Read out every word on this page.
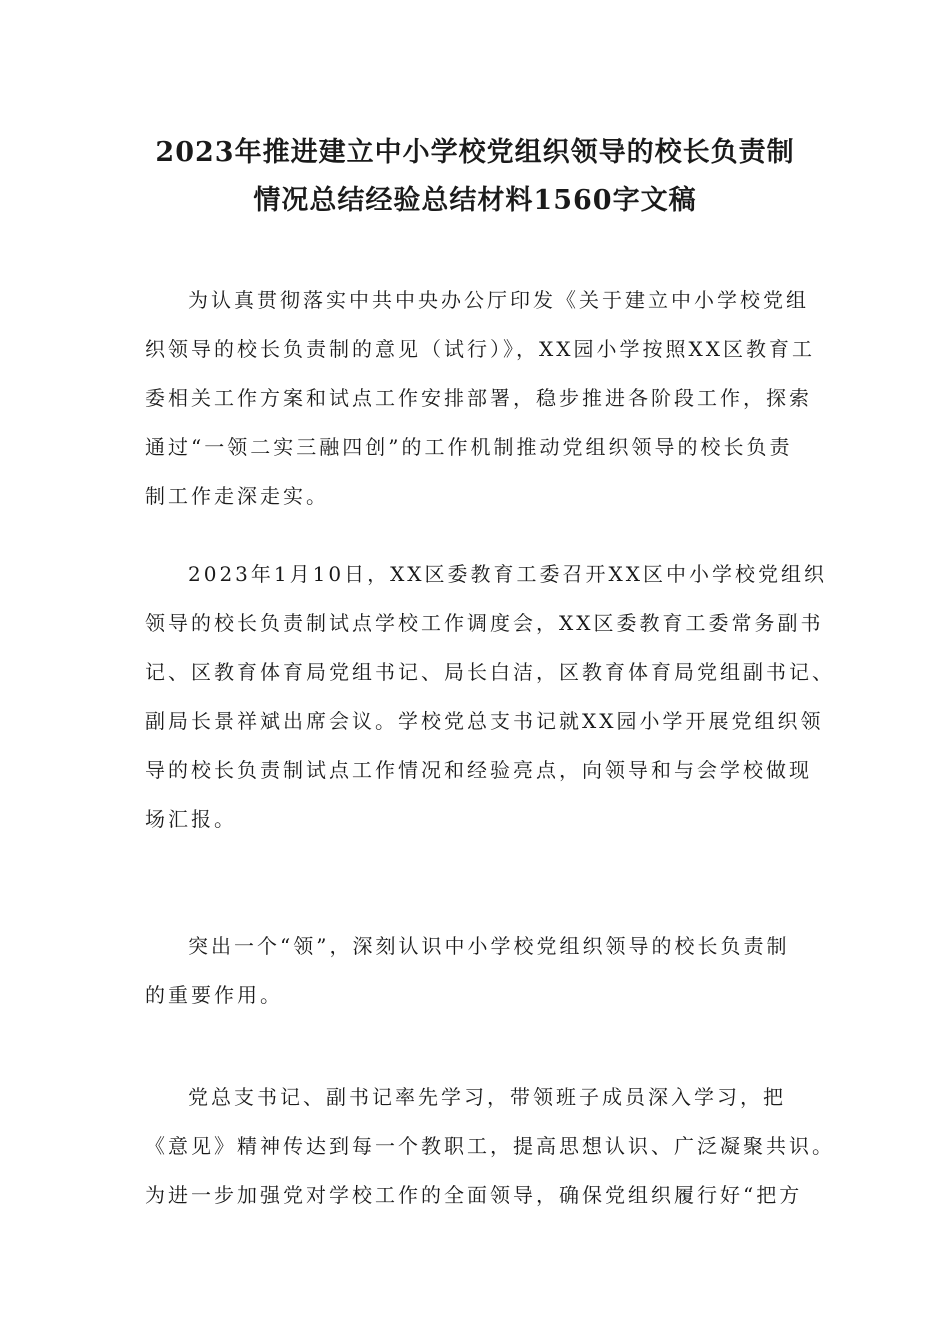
2023年推进建立中小学校党组织领导的校长负责制
情况总结经验总结材料1560字文稿
为认真贯彻落实中共中央办公厅印发《关于建立中小学校党组
织领导的校长负责制的意见（试行）》，XX园小学按照XX区教育工
委相关工作方案和试点工作安排部署，稳步推进各阶段工作，探索
通过“一领二实三融四创”的工作机制推动党组织领导的校长负责
制工作走深走实。
2023年1月10日，XX区委教育工委召开XX区中小学校党组织
领导的校长负责制试点学校工作调度会，XX区委教育工委常务副书
记、区教育体育局党组书记、局长白洁，区教育体育局党组副书记、
副局长景祥斌出席会议。学校党总支书记就XX园小学开展党组织领
导的校长负责制试点工作情况和经验亮点，向领导和与会学校做现
场汇报。
突出一个“领”，深刻认识中小学校党组织领导的校长负责制
的重要作用。
党总支书记、副书记率先学习，带领班子成员深入学习，把
《意见》精神传达到每一个教职工，提高思想认识、广泛凝聚共识。
为进一步加强党对学校工作的全面领导，确保党组织履行好“把方
